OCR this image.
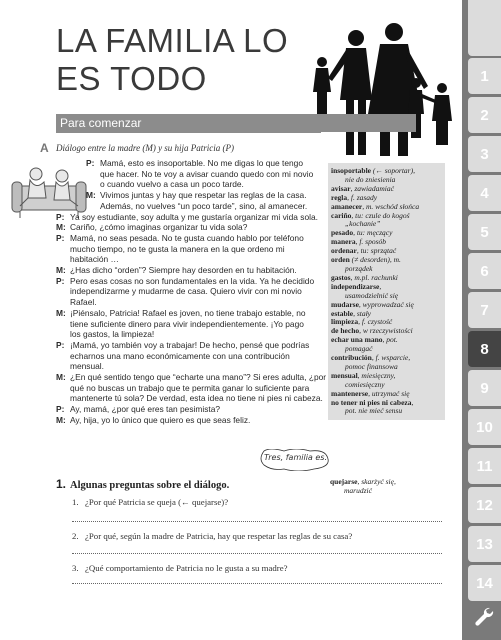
1
2
3
4
5
6
7
8
9
10
11
12
13
14
LA FAMILIA LO
ES TODO
Para comenzar
A Diálogo entre la madre (M) y su hija Patricia (P)
P: Mamá, esto es insoportable. No me digas lo que tengo
que hacer. No te voy a avisar cuando quedo con mi novio
o cuando vuelvo a casa un poco tarde.
M: Vivimos juntas y hay que respetar las reglas de la casa.
Además, no vuelves “un poco tarde”, sino, al amanecer.
P: Ya soy estudiante, soy adulta y me gustaría organizar mi vida sola.
M: Cariño, ¿cómo imaginas organizar tu vida sola?
P: Mamá, no seas pesada. No te gusta cuando hablo por teléfono
mucho tiempo, no te gusta la manera en la que ordeno mi
habitación …
M: ¿Has dicho “orden”? Siempre hay desorden en tu habitación.
P: Pero esas cosas no son fundamentales en la vida. Ya he decidido
independizarme y mudarme de casa. Quiero vivir con mi novio
Rafael.
M: ¡Piénsalo, Patricia! Rafael es joven, no tiene trabajo estable, no
tiene suficiente dinero para vivir independientemente. ¡Yo pago
los gastos, la limpieza!
P: ¡Mamá, yo también voy a trabajar! De hecho, pensé que podrías
echarnos una mano económicamente con una contribución
mensual.
M: ¿En qué sentido tengo que “echarte una mano”? Si eres adulta, ¿por
qué no buscas un trabajo que te permita ganar lo suficiente para
mantenerte tú sola? De verdad, esta idea no tiene ni pies ni cabeza.
P: Ay, mamá, ¿por qué eres tan pesimista?
M: Ay, hija, yo lo único que quiero es que seas feliz.
insoportable (← soportar),
nie do zniesienia
avisar, zawiadamiać
regla, f. zasady
amanecer, m. wschód słońca
cariño, tu: czule do kogoś
„kochanie”
pesado, tu: męczący
manera, f. sposób
ordenar, tu: sprzątać
orden (≠ desorden), m.
porządek
gastos, m.pl. rachunki
independizarse,
usamodzielnić się
mudarse, wyprowadzać się
estable, stały
limpieza, f. czystość
de hecho, w rzeczywistości
echar una mano, pot.
pomagać
contribución, f. wsparcie,
pomoc finansowa
mensual, miesięczny,
comiesięczny
mantenerse, utrzymać się
no tener ni pies ni cabeza,
pot. nie mieć sensu
quejarse, skarżyć się,
marudzić
Tres, familia es.
1. Algunas preguntas sobre el diálogo.
1. ¿Por qué Patricia se queja (← quejarse)?
2. ¿Por qué, según la madre de Patricia, hay que respetar las reglas de su casa?
3. ¿Qué comportamiento de Patricia no le gusta a su madre?
